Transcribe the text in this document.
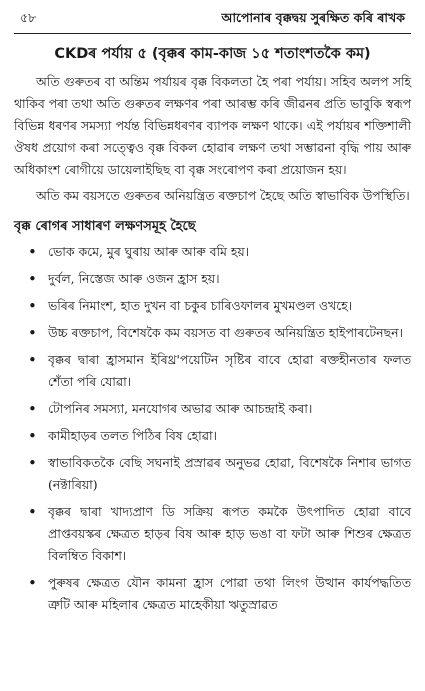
৫৮	আপোনাৰ বৃক্কদ্বয় সুৰক্ষিত কৰি ৰাখক
CKDৰ পৰ্যায় ৫ (বৃক্কৰ কাম-কাজ ১৫ শতাংশতকৈ কম)

অতি গুৰুতৰ বা অন্তিম পৰ্যায়ৰ বৃক্ক বিকলতা হৈ পৰা পৰ্যায়। সহিব অলপ সহি থাকিব পৰা তথা অতি গুৰুতৰ লক্ষণৰ পৰা আৰম্ভ কৰি জীৱনৰ প্ৰতি ভাবুকি স্বৰূপ বিভিন্ন ধৰণৰ সমস্যা পৰ্যন্ত বিভিন্নধৰণৰ ব্যাপক লক্ষণ থাকে। এই পৰ্যায়ৰ শক্তিশালী ঔষধ প্ৰয়োগ কৰা সত্ত্বেও বৃক্ক বিকল হোৱাৰ লক্ষণ তথা সম্ভাৱনা বৃদ্ধি পায় আৰু অধিকাংশ ৰোগীয়ে ডায়েলাইছিছ বা বৃক্ক সংৰোপণ কৰা প্ৰয়োজন হয়।

অতি কম বয়সতে গুৰুতৰ অনিয়ন্ত্ৰিত ৰক্তচাপ হৈছে অতি স্বাভাবিক উপস্থিতি।

বৃক্ক ৰোগৰ সাধাৰণ লক্ষণসমূহ হৈছে
• ভোক কমে, মুৰ ঘুৰায় আৰু আৰু বমি হয়।
• দুৰ্বল, নিস্তেজ আৰু ওজন হ্ৰাস হয়।
• ভৰিৰ নিমাংশ, হাত দুখন বা চকুৰ চাৰিওফালৰ মুখমণ্ডল ওখহে।
• উচ্চ ৰক্তচাপ, বিশেষকৈ কম বয়সত বা গুৰুতৰ অনিয়ন্ত্ৰিত হাইপাৰটেনছন।
• বৃক্কৰ দ্বাৰা হ্ৰাসমান ইৰিথ্ৰ'পয়েটিন সৃষ্টিৰ বাবে হোৱা ৰক্তহীনতাৰ ফলত শেঁতা পৰি যোৱা।
• টোপনিৰ সমস্যা, মনযোগৰ অভাৱ আৰু আচন্দ্ৰাই কৰা।
• কামীহাড়ৰ তলত পিঠিৰ বিষ হোৱা।
• স্বাভাবিকতকৈ বেছি সঘনাই প্ৰস্ৰাৱৰ অনুভৱ হোৱা, বিশেষকৈ নিশাৰ ভাগত (নক্টাৰিয়া)
• বৃক্কৰ দ্বাৰা খাদ্যপ্ৰাণ ডি সক্ৰিয় ৰূপত কমকৈ উৎপাদিত হোৱা বাবে প্ৰাপ্তবয়স্কৰ ক্ষেত্ৰত হাড়ৰ বিষ আৰু হাড় ভঙা বা ফটা আৰু শিশুৰ ক্ষেত্ৰত বিলম্বিত বিকাশ।
• পুৰুষৰ ক্ষেত্ৰত যৌন কামনা হ্ৰাস পোৱা তথা লিংগ উত্থান কাৰ্যপদ্ধতিত ত্ৰুটি আৰু মহিলাৰ ক্ষেত্ৰত মাহেকীয়া ঋতুস্ৰাৱত
